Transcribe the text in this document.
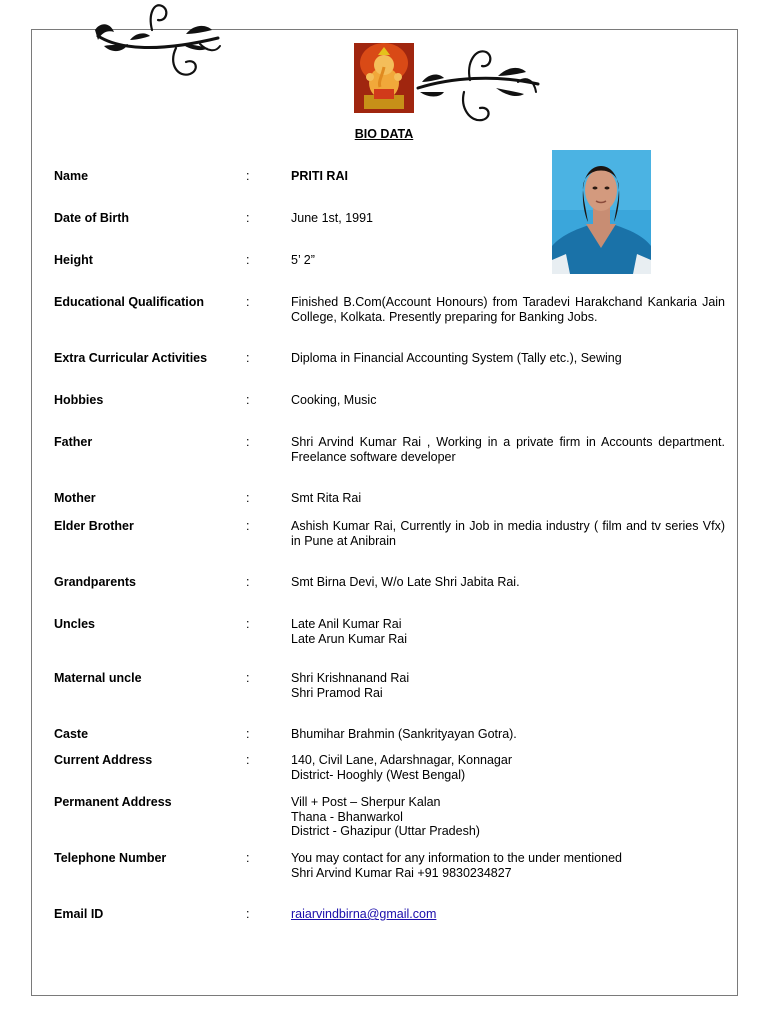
BIO DATA
Name	:	PRITI RAI
Date of Birth	:	June 1st, 1991
Height	:	5’ 2”
Educational Qualification	:	Finished B.Com(Account Honours) from Taradevi Harakchand Kankaria Jain College, Kolkata. Presently preparing for Banking Jobs.
Extra Curricular Activities	:	Diploma in Financial Accounting System (Tally etc.), Sewing
Hobbies	:	Cooking, Music
Father	:	Shri Arvind Kumar Rai , Working in a private firm in Accounts department. Freelance software developer
Mother	:	Smt Rita Rai
Elder Brother	:	Ashish Kumar Rai, Currently in Job in media industry ( film and tv series Vfx) in Pune at Anibrain
Grandparents	:	Smt Birna Devi, W/o Late Shri Jabita Rai.
Uncles	:	Late Anil Kumar Rai
Late Arun Kumar Rai
Maternal uncle	:	Shri Krishnanand Rai
Shri Pramod Rai
Caste	:	Bhumihar Brahmin (Sankrityayan Gotra).
Current Address	:	140, Civil Lane, Adarshnagar, Konnagar
District- Hooghly (West Bengal)
Permanent Address	Vill + Post – Sherpur Kalan
Thana - Bhanwarkol
District - Ghazipur (Uttar Pradesh)
Telephone Number	:	You may contact for any information to the under mentioned
Shri Arvind Kumar Rai +91 9830234827
Email ID	:	raiarvindbirna@gmail.com
